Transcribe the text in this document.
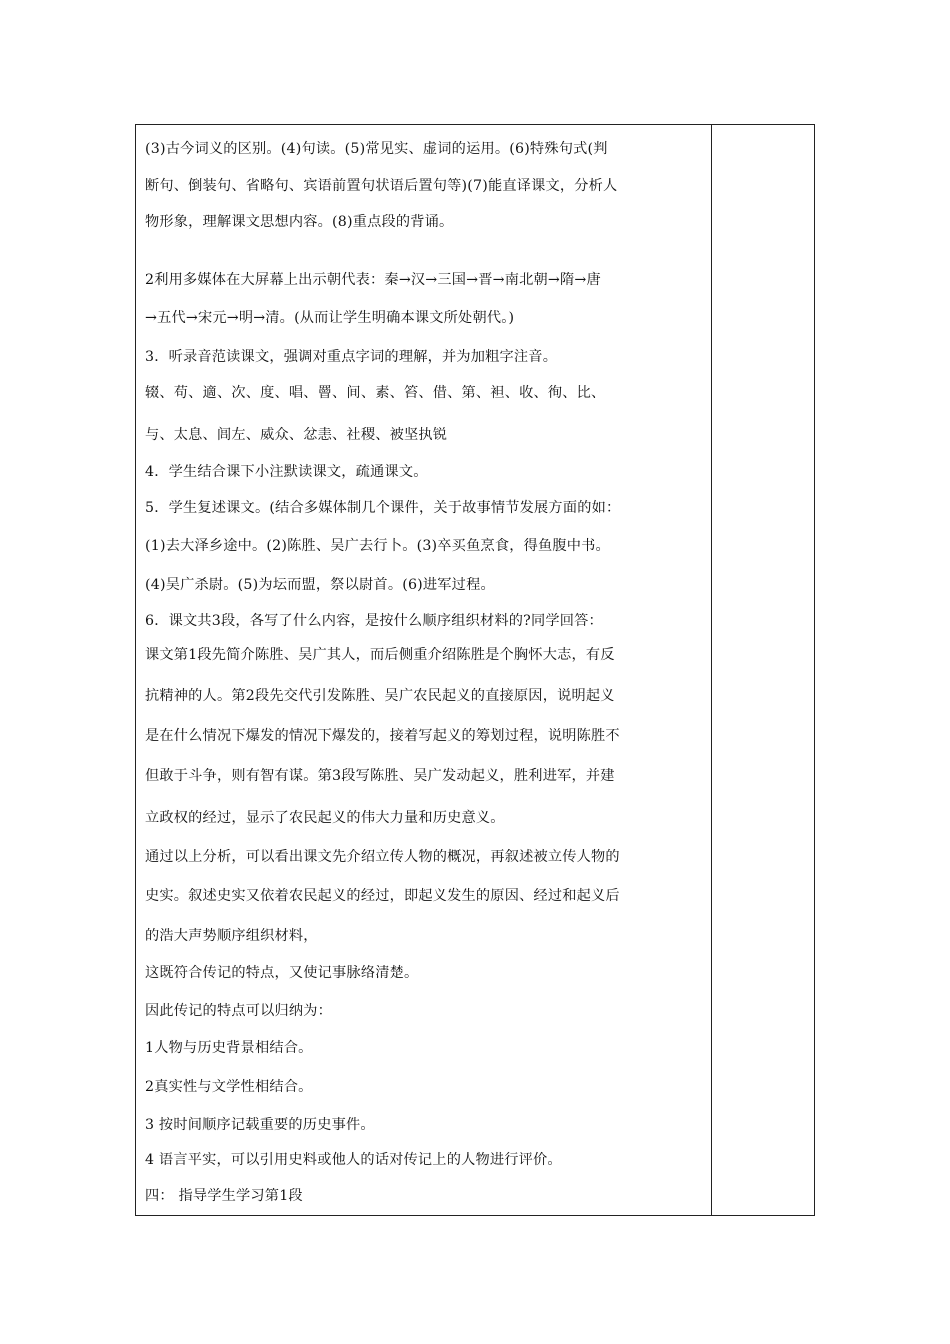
(3)古今词义的区别。(4)句读。(5)常见实、虚词的运用。(6)特殊句式(判
断句、倒装句、省略句、宾语前置句状语后置句等)(7)能直译课文，分析人
物形象，理解课文思想内容。(8)重点段的背诵。
2利用多媒体在大屏幕上出示朝代表：秦→汉→三国→晋→南北朝→隋→唐
→五代→宋元→明→清。(从而让学生明确本课文所处朝代。)
3．听录音范读课文，强调对重点字词的理解，并为加粗字注音。
辍、苟、適、次、度、唱、罾、间、素、笞、借、第、袒、收、徇、比、
与、太息、闾左、威众、忿恚、社稷、被坚执锐
4．学生结合课下小注默读课文，疏通课文。
5．学生复述课文。(结合多媒体制几个课件，关于故事情节发展方面的如：
(1)去大泽乡途中。(2)陈胜、吴广去行卜。(3)卒买鱼烹食，得鱼腹中书。
(4)吴广杀尉。(5)为坛而盟，祭以尉首。(6)进军过程。
6．课文共3段，各写了什么内容，是按什么顺序组织材料的?同学回答：
课文第1段先简介陈胜、吴广其人，而后侧重介绍陈胜是个胸怀大志，有反
抗精神的人。第2段先交代引发陈胜、吴广农民起义的直接原因，说明起义
是在什么情况下爆发的情况下爆发的，接着写起义的筹划过程，说明陈胜不
但敢于斗争，则有智有谋。第3段写陈胜、吴广发动起义，胜利进军，并建
立政权的经过，显示了农民起义的伟大力量和历史意义。
通过以上分析，可以看出课文先介绍立传人物的概况，再叙述被立传人物的
史实。叙述史实又依着农民起义的经过，即起义发生的原因、经过和起义后
的浩大声势顺序组织材料，
这既符合传记的特点，又使记事脉络清楚。
因此传记的特点可以归纳为：
1人物与历史背景相结合。
2真实性与文学性相结合。
3 按时间顺序记载重要的历史事件。
4 语言平实，可以引用史料或他人的话对传记上的人物进行评价。
四： 指导学生学习第1段
